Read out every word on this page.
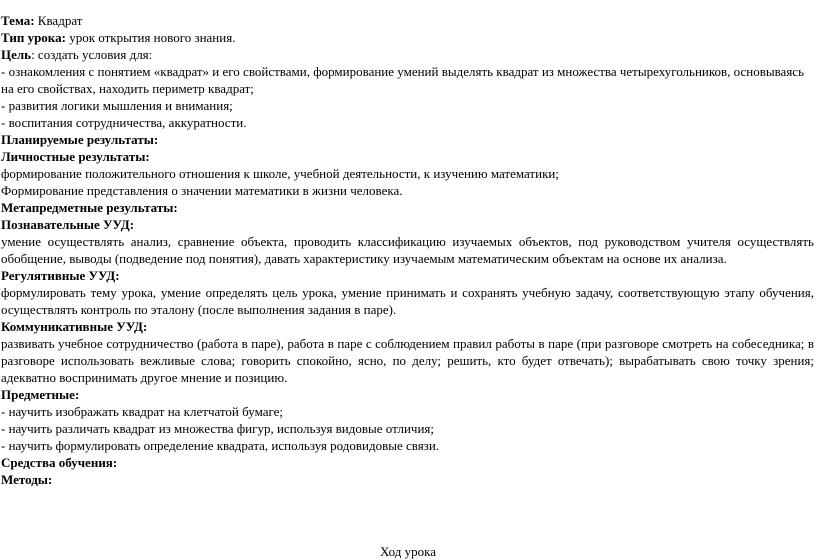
Тема: Квадрат
Тип урока: урок открытия нового знания.
Цель: создать условия для:
- ознакомления с понятием «квадрат» и его свойствами, формирование умений выделять квадрат из множества четырехугольников, основываясь на его свойствах, находить периметр квадрат;
- развития логики мышления и внимания;
- воспитания сотрудничества, аккуратности.
Планируемые результаты:
Личностные результаты:
формирование положительного отношения к школе, учебной деятельности, к изучению математики;
Формирование представления о значении математики в жизни человека.
Метапредметные результаты:
Познавательные УУД:
умение осуществлять анализ, сравнение объекта, проводить классификацию изучаемых объектов, под руководством учителя осуществлять обобщение, выводы (подведение под понятия), давать характеристику изучаемым математическим объектам на основе их анализа.
Регулятивные УУД:
формулировать тему урока, умение определять цель урока, умение принимать и сохранять учебную задачу, соответствующую этапу обучения, осуществлять контроль по эталону (после выполнения задания в паре).
Коммуникативные УУД:
развивать учебное сотрудничество (работа в паре), работа в паре с соблюдением правил работы в паре (при разговоре смотреть на собеседника; в разговоре использовать вежливые слова; говорить спокойно, ясно, по делу; решить, кто будет отвечать); вырабатывать свою точку зрения; адекватно воспринимать другое мнение и позицию.
Предметные:
- научить изображать квадрат на клетчатой бумаге;
- научить различать квадрат из множества фигур, используя видовые отличия;
- научить формулировать определение квадрата, используя родовидовые связи.
Средства обучения:
Методы:
Ход урока
